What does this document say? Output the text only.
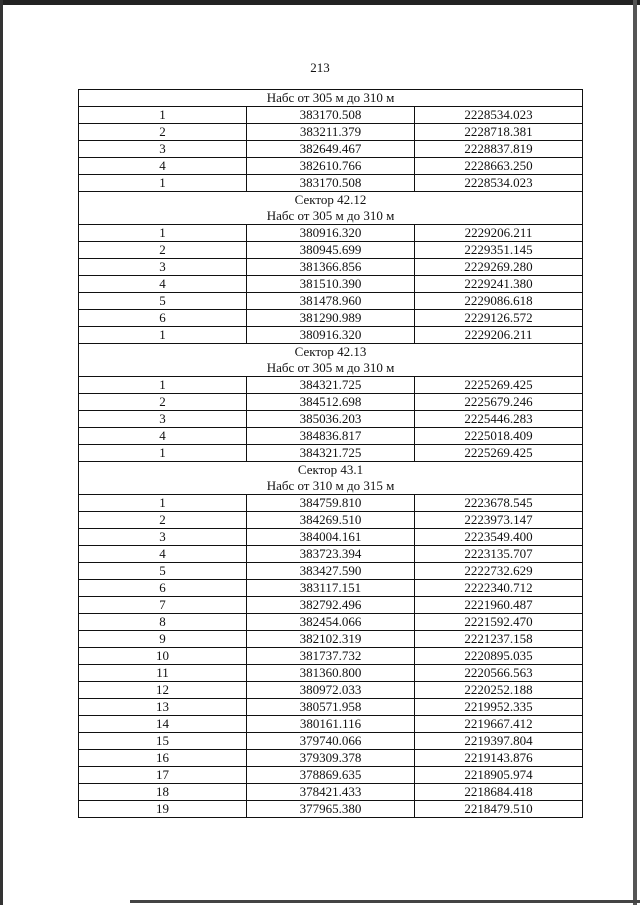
213
Набс от 305 м до 310 м		

1	383170.508	2228534.023
2	383211.379	2228718.381
3	382649.467	2228837.819
4	382610.766	2228663.250
1	383170.508	2228534.023

Сектор 42.12
Набс от 305 м до 310 м		

1	380916.320	2229206.211
2	380945.699	2229351.145
3	381366.856	2229269.280
4	381510.390	2229241.380
5	381478.960	2229086.618
6	381290.989	2229126.572
1	380916.320	2229206.211

Сектор 42.13
Набс от 305 м до 310 м		

1	384321.725	2225269.425
2	384512.698	2225679.246
3	385036.203	2225446.283
4	384836.817	2225018.409
1	384321.725	2225269.425

Сектор 43.1
Набс от 310 м до 315 м		

1	384759.810	2223678.545
2	384269.510	2223973.147
3	384004.161	2223549.400
4	383723.394	2223135.707
5	383427.590	2222732.629
6	383117.151	2222340.712
7	382792.496	2221960.487
8	382454.066	2221592.470
9	382102.319	2221237.158
10	381737.732	2220895.035
11	381360.800	2220566.563
12	380972.033	2220252.188
13	380571.958	2219952.335
14	380161.116	2219667.412
15	379740.066	2219397.804
16	379309.378	2219143.876
17	378869.635	2218905.974
18	378421.433	2218684.418
19	377965.380	2218479.510
